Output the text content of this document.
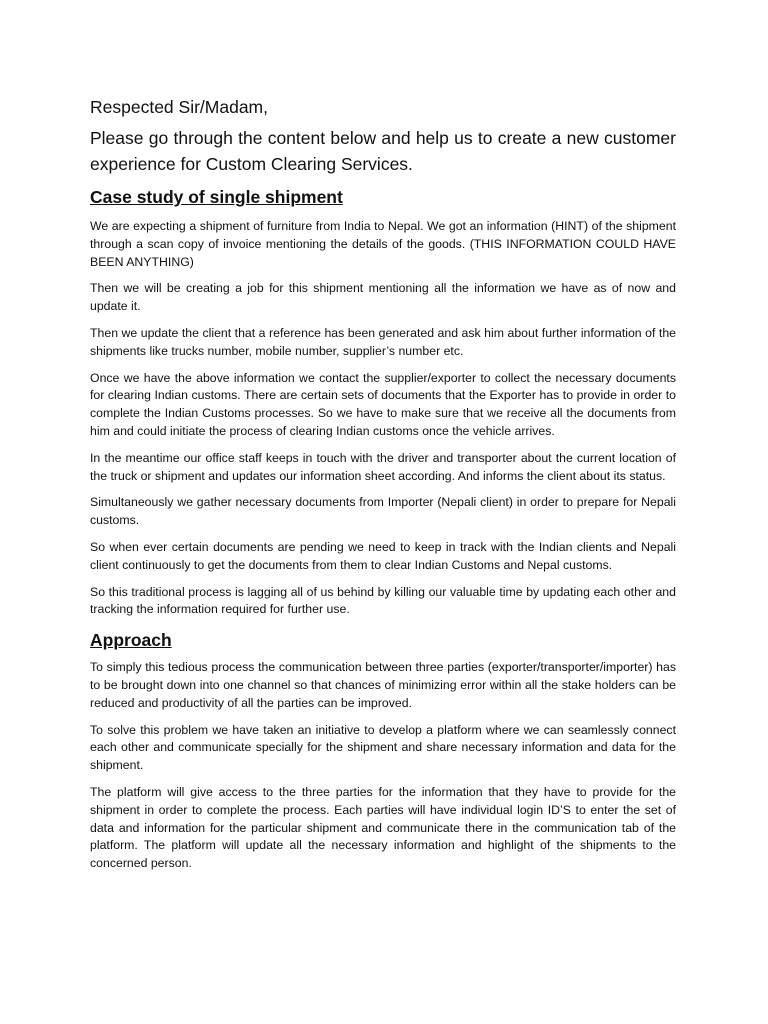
Respected Sir/Madam,

Please go through the content below and help us to create a new customer experience for Custom Clearing Services.

Case study of single shipment

We are expecting a shipment of furniture from India to Nepal. We got an information (HINT) of the shipment through a scan copy of invoice mentioning the details of the goods. (THIS INFORMATION COULD HAVE BEEN ANYTHING)

Then we will be creating a job for this shipment mentioning all the information we have as of now and update it.

Then we update the client that a reference has been generated and ask him about further information of the shipments like trucks number, mobile number, supplier’s number etc.

Once we have the above information we contact the supplier/exporter to collect the necessary documents for clearing Indian customs. There are certain sets of documents that the Exporter has to provide in order to complete the Indian Customs processes. So we have to make sure that we receive all the documents from him and could initiate the process of clearing Indian customs once the vehicle arrives.

In the meantime our office staff keeps in touch with the driver and transporter about the current location of the truck or shipment and updates our information sheet according. And informs the client about its status.

Simultaneously we gather necessary documents from Importer (Nepali client) in order to prepare for Nepali customs.

So when ever certain documents are pending we need to keep in track with the Indian clients and Nepali client continuously to get the documents from them to clear Indian Customs and Nepal customs.

So this traditional process is lagging all of us behind by killing our valuable time by updating each other and tracking the information required for further use.

Approach

To simply this tedious process the communication between three parties (exporter/transporter/importer) has to be brought down into one channel so that chances of minimizing error within all the stake holders can be reduced and productivity of all the parties can be improved.

To solve this problem we have taken an initiative to develop a platform where we can seamlessly connect each other and communicate specially for the shipment and share necessary information and data for the shipment.

The platform will give access to the three parties for the information that they have to provide for the shipment in order to complete the process. Each parties will have individual login ID’S to enter the set of data and information for the particular shipment and communicate there in the communication tab of the platform. The platform will update all the necessary information and highlight of the shipments to the concerned person.
